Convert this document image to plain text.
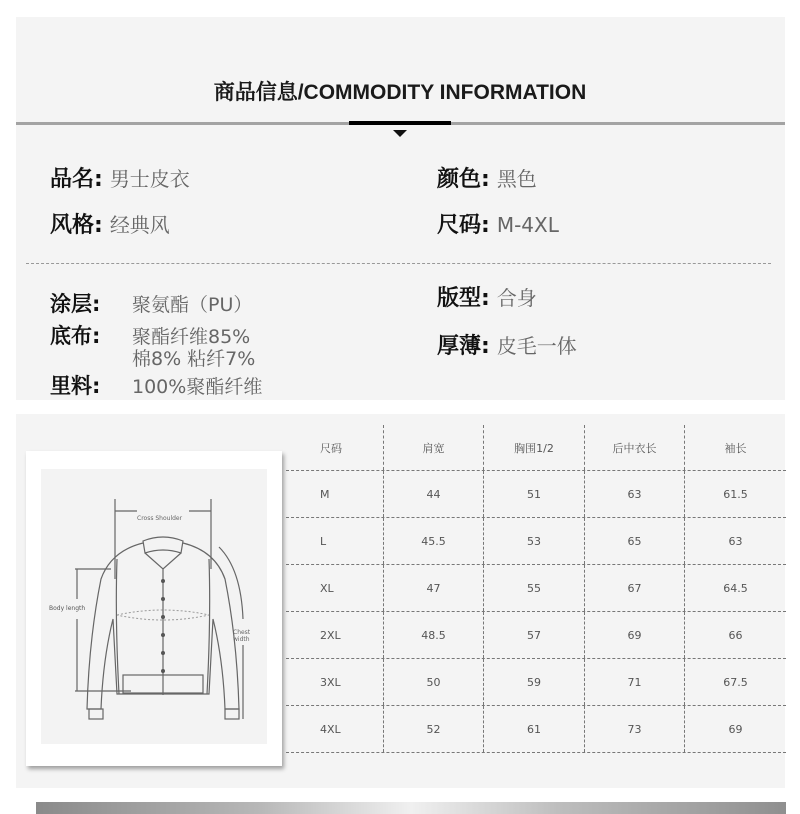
商品信息/COMMODITY INFORMATION
品名: 男士皮衣
风格: 经典风
颜色: 黑色
尺码: M-4XL
涂层: 聚氨酯（PU）
底布: 聚酯纤维85%
棉8% 粘纤7%
里料: 100%聚酯纤维
版型: 合身
厚薄: 皮毛一体
Cross Shoulder
Body length
Chest width
尺码	肩宽	胸围1/2	后中衣长	袖长
M	44	51	63	61.5
L	45.5	53	65	63
XL	47	55	67	64.5
2XL	48.5	57	69	66
3XL	50	59	71	67.5
4XL	52	61	73	69
